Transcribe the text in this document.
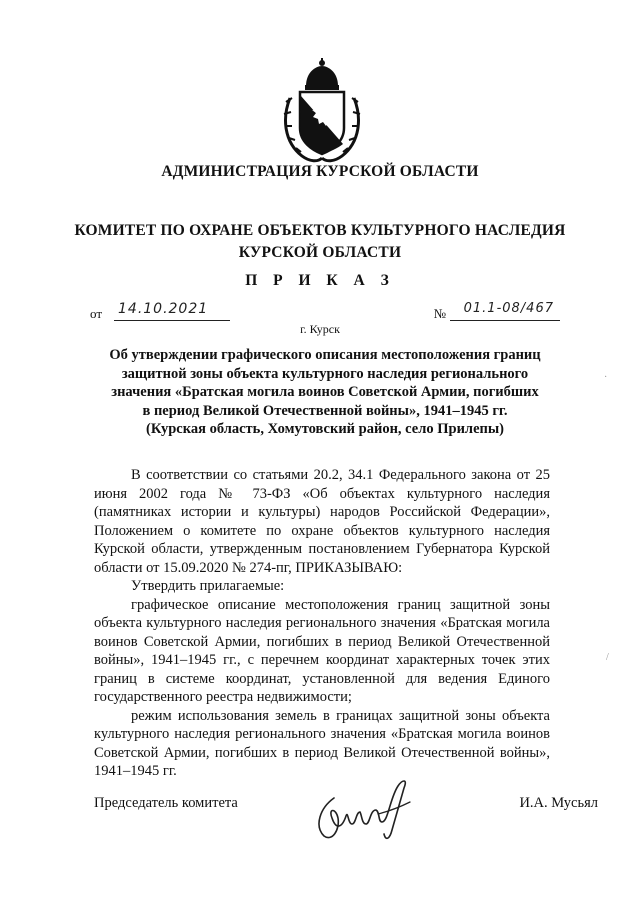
АДМИНИСТРАЦИЯ КУРСКОЙ ОБЛАСТИ
КОМИТЕТ ПО ОХРАНЕ ОБЪЕКТОВ КУЛЬТУРНОГО НАСЛЕДИЯ
КУРСКОЙ ОБЛАСТИ
П Р И К А З
от 14.10.2021	№ 01.1-08/467
г. Курск
Об утверждении графического описания местоположения границ
защитной зоны объекта культурного наследия регионального
значения «Братская могила воинов Советской Армии, погибших
в период Великой Отечественной войны», 1941–1945 гг.
(Курская область, Хомутовский район, село Прилепы)

В соответствии со статьями 20.2, 34.1 Федерального закона от 25 июня 2002 года № 73-ФЗ «Об объектах культурного наследия (памятниках истории и культуры) народов Российской Федерации», Положением о комитете по охране объектов культурного наследия Курской области, утвержденным постановлением Губернатора Курской области от 15.09.2020 № 274-пг, ПРИКАЗЫВАЮ:

Утвердить прилагаемые:

графическое описание местоположения границ защитной зоны объекта культурного наследия регионального значения «Братская могила воинов Советской Армии, погибших в период Великой Отечественной войны», 1941–1945 гг., с перечнем координат характерных точек этих границ в системе координат, установленной для ведения Единого государственного реестра недвижимости;

режим использования земель в границах защитной зоны объекта культурного наследия регионального значения «Братская могила воинов Советской Армии, погибших в период Великой Отечественной войны», 1941–1945 гг.

Председатель комитета	И.А. Мусьял
·
/
